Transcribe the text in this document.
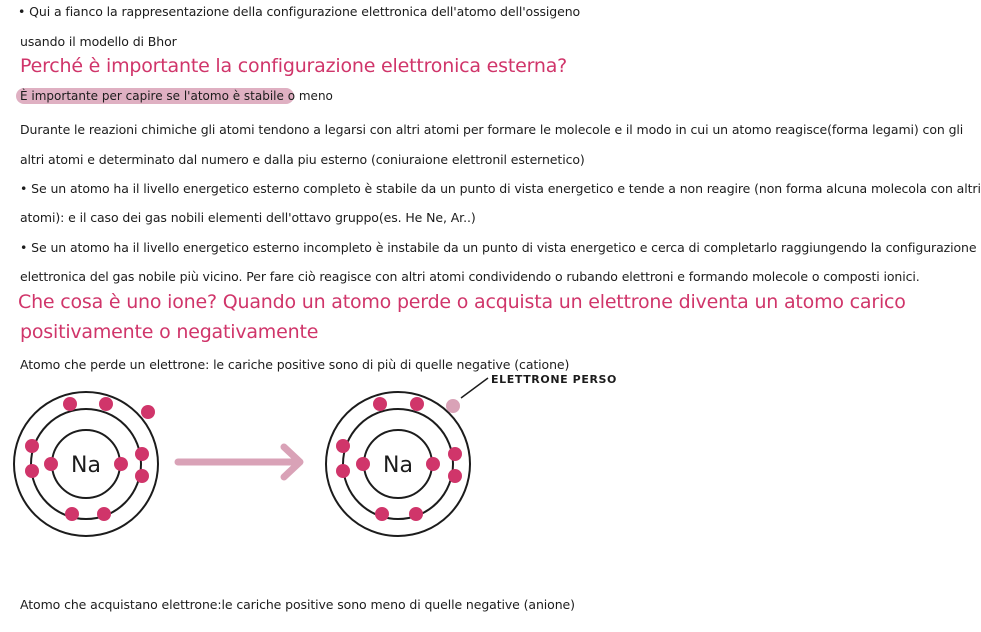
• Qui a fianco la rappresentazione della configurazione elettronica dell'atomo dell'ossigeno
usando il modello di Bhor
Perché è importante la configurazione elettronica esterna?
È importante per capire se l'atomo è stabile o meno
Durante le reazioni chimiche gli atomi tendono a legarsi con altri atomi per formare le molecole e il modo in cui un atomo reagisce(forma legami) con gli
altri atomi e determinato dal numero e dalla piu esterno (coniuraione elettronil esternetico)
• Se un atomo ha il livello energetico esterno completo è stabile da un punto di vista energetico e tende a non reagire (non forma alcuna molecola con altri
atomi): e il caso dei gas nobili elementi dell'ottavo gruppo(es. He Ne, Ar..)
• Se un atomo ha il livello energetico esterno incompleto è instabile da un punto di vista energetico e cerca di completarlo raggiungendo la configurazione
elettronica del gas nobile più vicino. Per fare ciò reagisce con altri atomi condividendo o rubando elettroni e formando molecole o composti ionici.
Che cosa è uno ione? Quando un atomo perde o acquista un elettrone diventa un atomo carico
positivamente o negativamente
Atomo che perde un elettrone: le cariche positive sono di più di quelle negative (catione)
ELETTRONE PERSO
Na	Na
Atomo che acquistano elettrone:le cariche positive sono meno di quelle negative (anione)
